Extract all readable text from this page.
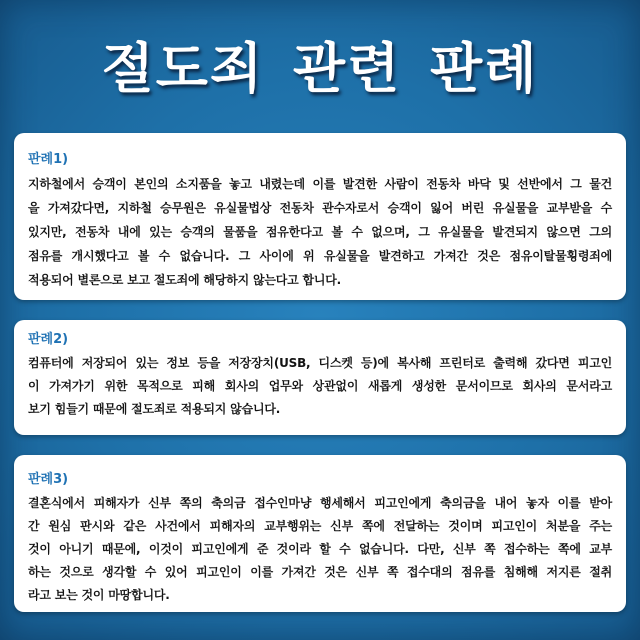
절도죄 관련 판례
판례1)

지하철에서 승객이 본인의 소지품을 놓고 내렸는데 이를 발견한 사람이 전동차 바닥 및 선반에서 그 물건

을 가져갔다면, 지하철 승무원은 유실물법상 전동차 관수자로서 승객이 잃어 버린 유실물을 교부받을 수

있지만, 전동차 내에 있는 승객의 물품을 점유한다고 볼 수 없으며, 그 유실물을 발견되지 않으면 그의

점유를 개시했다고 볼 수 없습니다. 그 사이에 위 유실물을 발견하고 가져간 것은 점유이탈물횡령죄에

적용되어 별론으로 보고 절도죄에 해당하지 않는다고 합니다.

판례2)

컴퓨터에 저장되어 있는 정보 등을 저장장치(USB, 디스켓 등)에 복사해 프린터로 출력해 갔다면 피고인

이 가져가기 위한 목적으로 피해 회사의 업무와 상관없이 새롭게 생성한 문서이므로 회사의 문서라고

보기 힘들기 때문에 절도죄로 적용되지 않습니다.

판례3)

결혼식에서 피해자가 신부 쪽의 축의금 접수인마냥 행세해서 피고인에게 축의금을 내어 놓자 이를 받아

간 원심 판시와 같은 사건에서 피해자의 교부행위는 신부 쪽에 전달하는 것이며 피고인이 처분을 주는

것이 아니기 때문에, 이것이 피고인에게 준 것이라 할 수 없습니다. 다만, 신부 쪽 접수하는 쪽에 교부

하는 것으로 생각할 수 있어 피고인이 이를 가져간 것은 신부 쪽 접수대의 점유를 침해해 저지른 절취

라고 보는 것이 마땅합니다.
